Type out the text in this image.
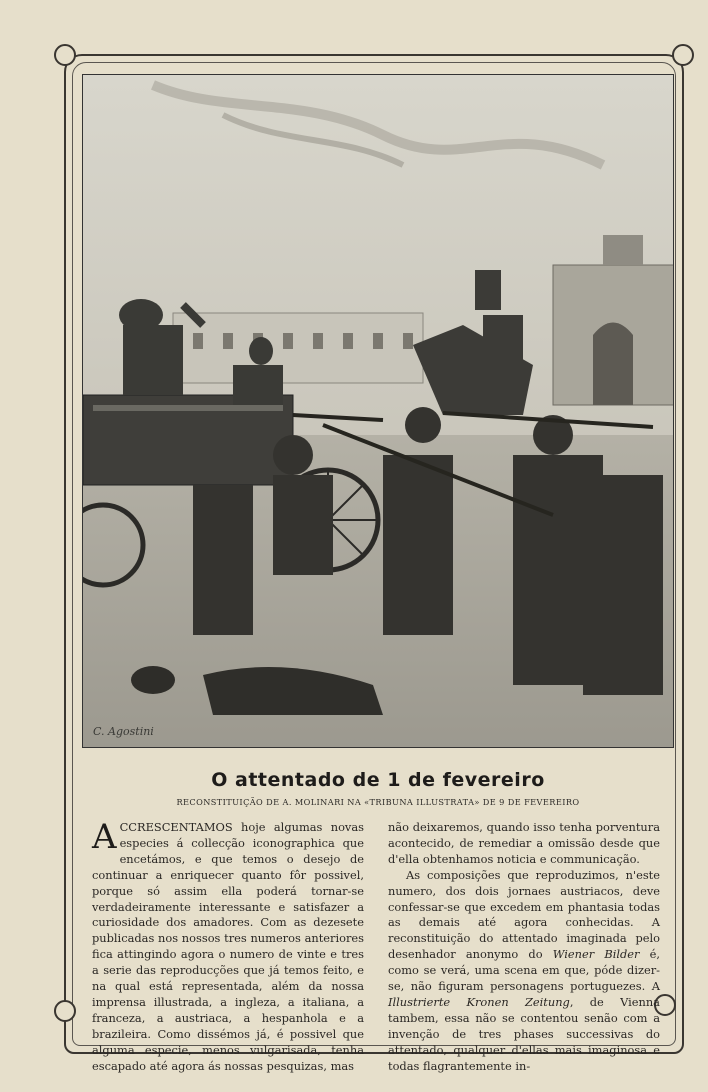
C. Agostini
O attentado de 1 de fevereiro
RECONSTITUIÇÃO DE A. MOLINARI NA «TRIBUNA ILLUSTRATA» DE 9 DE FEVEREIRO

ACCRESCENTAMOS hoje algumas novas especies á collecção iconographica que encetámos, e que temos o desejo de continuar a enriquecer quanto fôr possivel, porque só assim ella poderá tornar-se verdadeiramente interessante e satisfazer a curiosidade dos amadores. Com as dezesete publicadas nos nossos tres numeros anteriores fica attingindo agora o numero de vinte e tres a serie das reproducções que já temos feito, e na qual está representada, além da nossa imprensa illustrada, a ingleza, a italiana, a franceza, a austriaca, a hespanhola e a brazileira. Como dissémos já, é possivel que alguma especie, menos vulgarisada, tenha escapado até agora ás nossas pesquizas, mas

não deixaremos, quando isso tenha porventura acontecido, de remediar a omissão desde que d'ella obtenhamos noticia e communicação.

As composições que reproduzimos, n'este numero, dos dois jornaes austriacos, deve confessar-se que excedem em phantasia todas as demais até agora conhecidas. A reconstituição do attentado imaginada pelo desenhador anonymo do Wiener Bilder é, como se verá, uma scena em que, póde dizer-se, não figuram personagens portuguezes. A Illustrierte Kronen Zeitung, de Vienna tambem, essa não se contentou senão com a invenção de tres phases successivas do attentado, qualquer d'ellas mais imaginosa e todas flagrantemente in-
